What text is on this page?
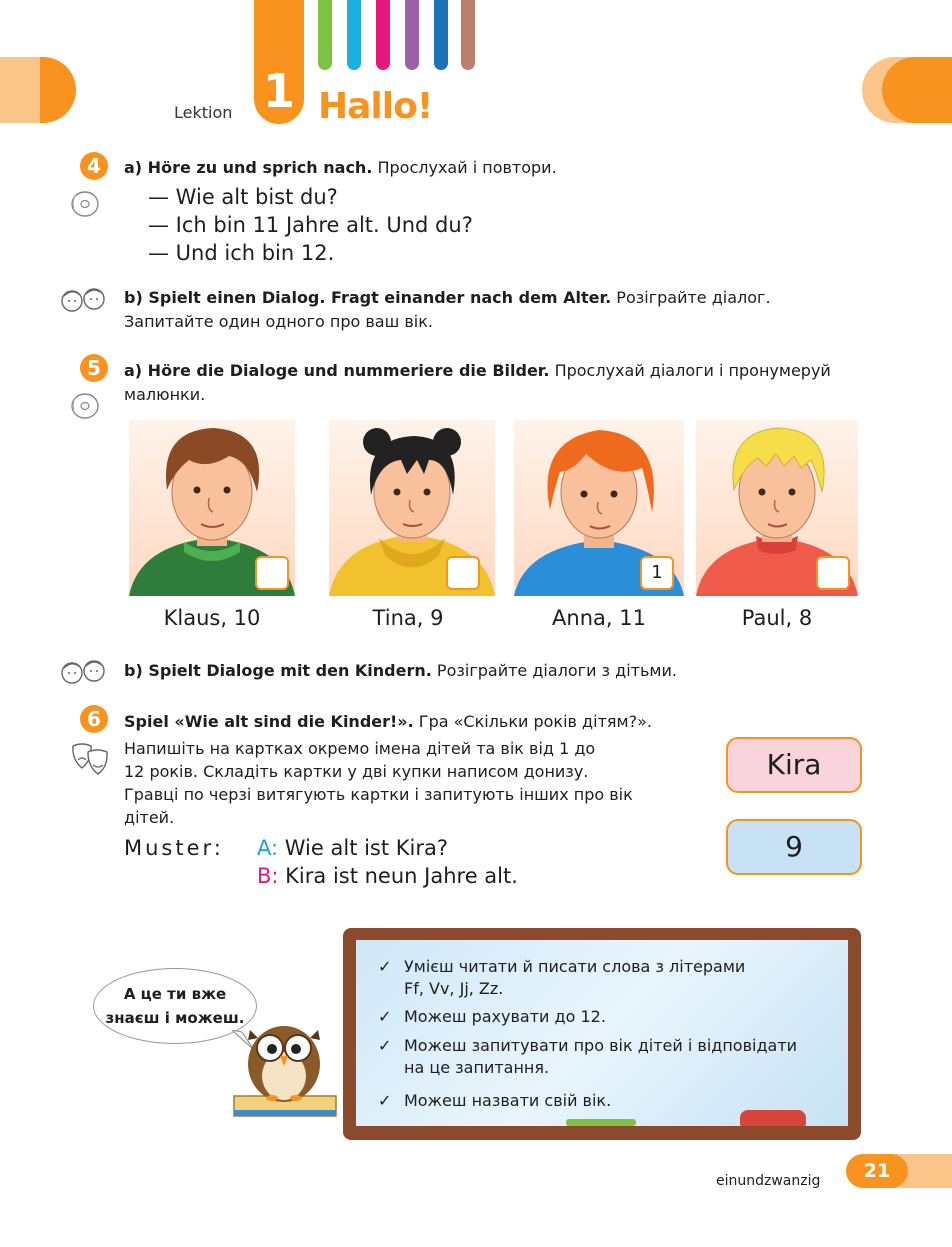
Lektion 1 Hallo!
4	a) Höre zu und sprich nach. Прослухай і повтори.
— Wie alt bist du?
— Ich bin 11 Jahre alt. Und du?
— Und ich bin 12.
b) Spielt einen Dialog. Fragt einander nach dem Alter. Розіграйте діалог.
Запитайте один одного про ваш вік.
5	a) Höre die Dialoge und nummeriere die Bilder. Прослухай діалоги і пронумеруй
малюнки.
1
Klaus, 10	Tina, 9	Anna, 11	Paul, 8
b) Spielt Dialoge mit den Kindern. Розіграйте діалоги з дітьми.
6	Spiel «Wie alt sind die Kinder!». Гра «Скільки років дітям?».
Напишіть на картках окремо імена дітей та вік від 1 до
12 років. Складіть картки у дві купки написом донизу.
Гравці по черзі витягують картки і запитують інших про вік
дітей.
Muster: A: Wie alt ist Kira?
B: Kira ist neun Jahre alt.
Kira
9
✓ Умієш читати й писати слова з літерами
Ff, Vv, Jj, Zz.
✓ Можеш рахувати до 12.
✓ Можеш запитувати про вік дітей і відповідати
на це запитання.
✓ Можеш назвати свій вік.
А це ти вже
знаєш і можеш.
einundzwanzig	21
